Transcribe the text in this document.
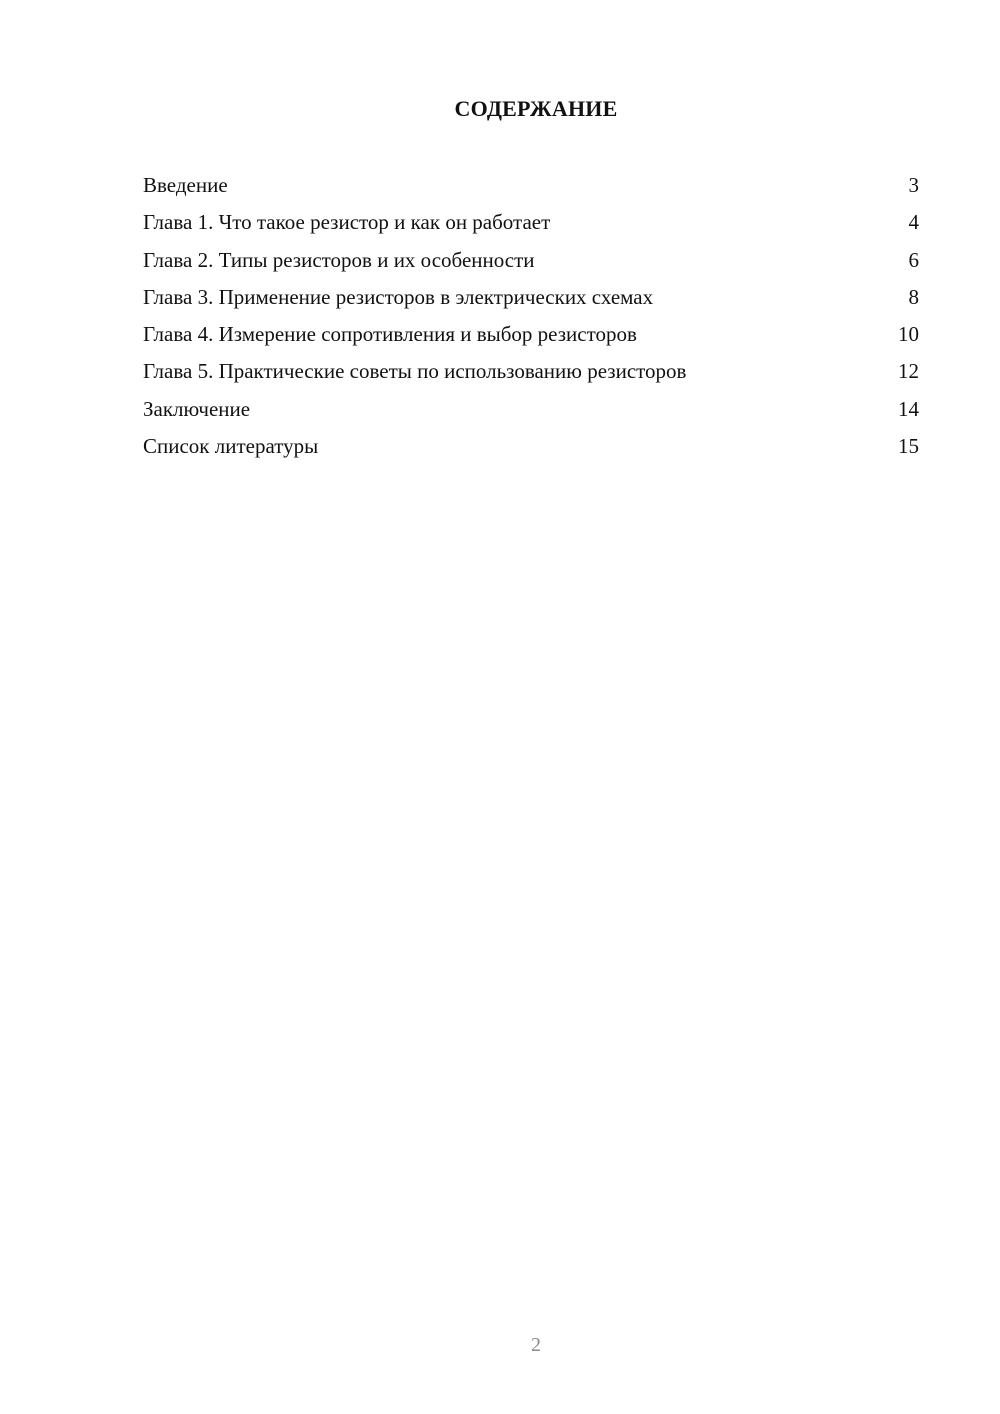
СОДЕРЖАНИЕ
Введение	3
Глава 1. Что такое резистор и как он работает	4
Глава 2. Типы резисторов и их особенности	6
Глава 3. Применение резисторов в электрических схемах	8
Глава 4. Измерение сопротивления и выбор резисторов	10
Глава 5. Практические советы по использованию резисторов	12
Заключение	14
Список литературы	15
2
